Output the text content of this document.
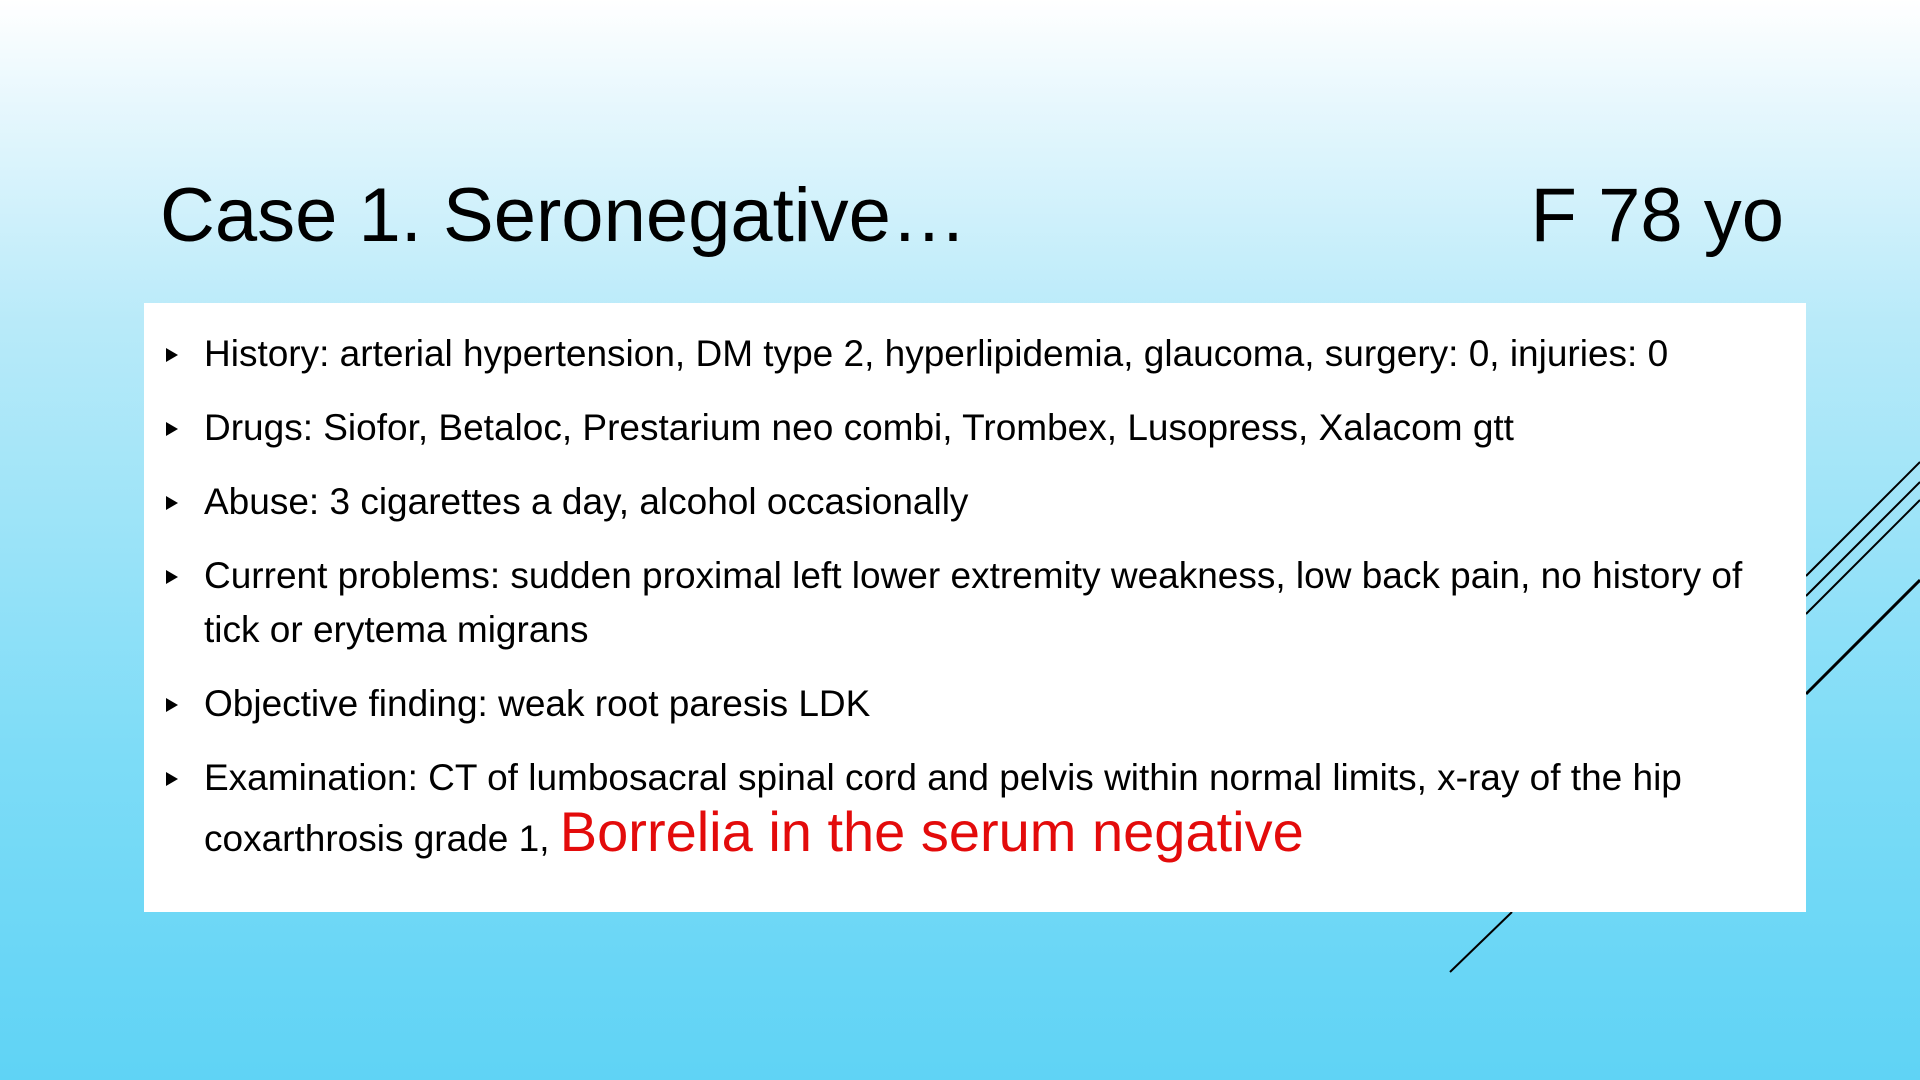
Case 1. Seronegative…	F 78 yo
History: arterial hypertension, DM type 2, hyperlipidemia, glaucoma, surgery: 0, injuries: 0
Drugs: Siofor, Betaloc, Prestarium neo combi, Trombex, Lusopress, Xalacom gtt
Abuse: 3 cigarettes a day, alcohol occasionally
Current problems: sudden proximal left lower extremity weakness, low back pain, no history of tick or erytema migrans
Objective finding: weak root paresis LDK
Examination: CT of lumbosacral spinal cord and pelvis within normal limits, x-ray of the hip coxarthrosis grade 1, Borrelia in the serum negative
